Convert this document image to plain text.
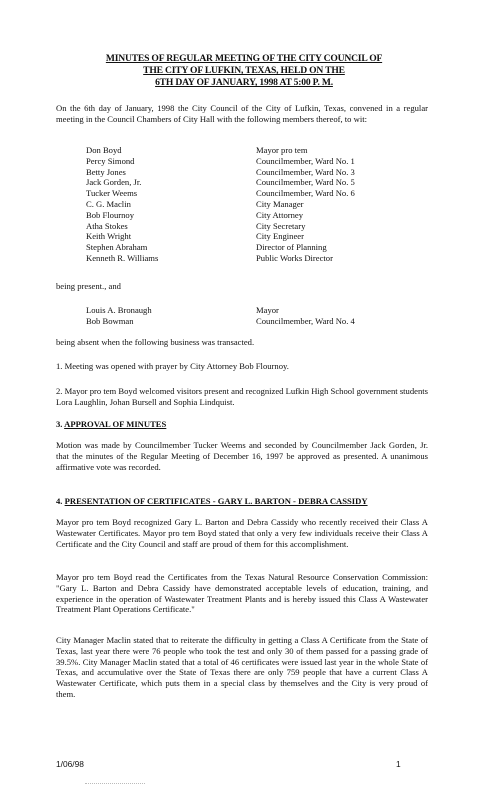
MINUTES OF REGULAR MEETING OF THE CITY COUNCIL OF
THE CITY OF LUFKIN, TEXAS, HELD ON THE
6TH DAY OF JANUARY, 1998 AT 5:00 P. M.
On the 6th day of January, 1998 the City Council of the City of Lufkin, Texas, convened in a regular meeting in the Council Chambers of City Hall with the following members thereof, to wit:
Don Boyd	Mayor pro tem
Percy Simond	Councilmember, Ward No. 1
Betty Jones	Councilmember, Ward No. 3
Jack Gorden, Jr.	Councilmember, Ward No. 5
Tucker Weems	Councilmember, Ward No. 6
C. G. Maclin	City Manager
Bob Flournoy	City Attorney
Atha Stokes	City Secretary
Keith Wright	City Engineer
Stephen Abraham	Director of Planning
Kenneth R. Williams	Public Works Director
being present., and
Louis A. Bronaugh	Mayor
Bob Bowman	Councilmember, Ward No. 4
being absent when the following business was transacted.
1. Meeting was opened with prayer by City Attorney Bob Flournoy.
2. Mayor pro tem Boyd welcomed visitors present and recognized Lufkin High School government students Lora Laughlin, Johan Bursell and Sophia Lindquist.
3. APPROVAL OF MINUTES
Motion was made by Councilmember Tucker Weems and seconded by Councilmember Jack Gorden, Jr. that the minutes of the Regular Meeting of December 16, 1997 be approved as presented. A unanimous affirmative vote was recorded.
4. PRESENTATION OF CERTIFICATES - GARY L. BARTON - DEBRA CASSIDY
Mayor pro tem Boyd recognized Gary L. Barton and Debra Cassidy who recently received their Class A Wastewater Certificates. Mayor pro tem Boyd stated that only a very few individuals receive their Class A Certificate and the City Council and staff are proud of them for this accomplishment.
Mayor pro tem Boyd read the Certificates from the Texas Natural Resource Conservation Commission: "Gary L. Barton and Debra Cassidy have demonstrated acceptable levels of education, training, and experience in the operation of Wastewater Treatment Plants and is hereby issued this Class A Wastewater Treatment Plant Operations Certificate."
City Manager Maclin stated that to reiterate the difficulty in getting a Class A Certificate from the State of Texas, last year there were 76 people who took the test and only 30 of them passed for a passing grade of 39.5%. City Manager Maclin stated that a total of 46 certificates were issued last year in the whole State of Texas, and accumulative over the State of Texas there are only 759 people that have a current Class A Wastewater Certificate, which puts them in a special class by themselves and the City is very proud of them.
1/06/98	1
